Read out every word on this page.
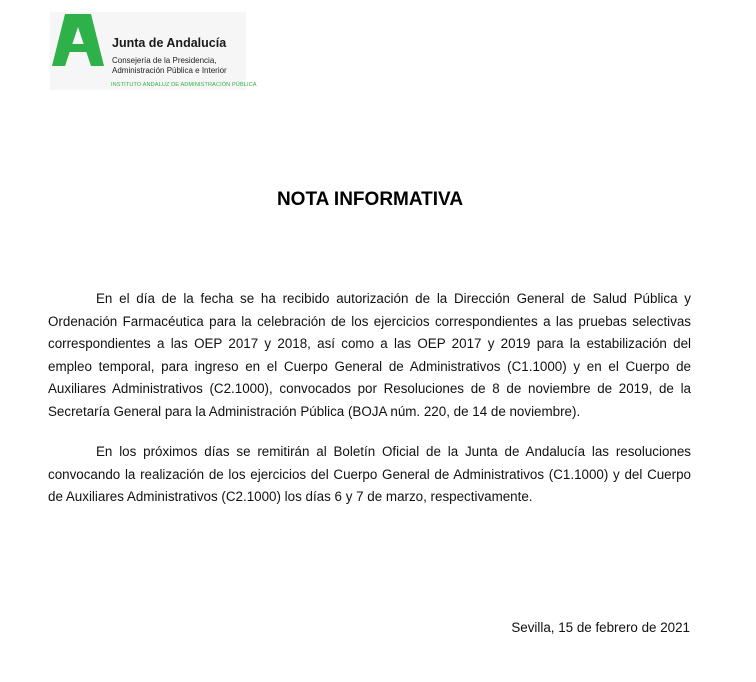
Junta de Andalucía
Consejería de la Presidencia,
Administración Pública e Interior
INSTITUTO ANDALUZ DE ADMINISTRACIÓN PÚBLICA
NOTA INFORMATIVA

En el día de la fecha se ha recibido autorización de la Dirección General de Salud Pública y Ordenación Farmacéutica para la celebración de los ejercicios correspondientes a las pruebas selectivas correspondientes a las OEP 2017 y 2018, así como a las OEP 2017 y 2019 para la estabilización del empleo temporal, para ingreso en el Cuerpo General de Administrativos (C1.1000) y en el Cuerpo de Auxiliares Administrativos (C2.1000), convocados por Resoluciones de 8 de noviembre de 2019, de la Secretaría General para la Administración Pública (BOJA núm. 220, de 14 de noviembre).

En los próximos días se remitirán al Boletín Oficial de la Junta de Andalucía las resoluciones convocando la realización de los ejercicios del Cuerpo General de Administrativos (C1.1000) y del Cuerpo de Auxiliares Administrativos (C2.1000) los días 6 y 7 de marzo, respectivamente.

Sevilla, 15 de febrero de 2021
